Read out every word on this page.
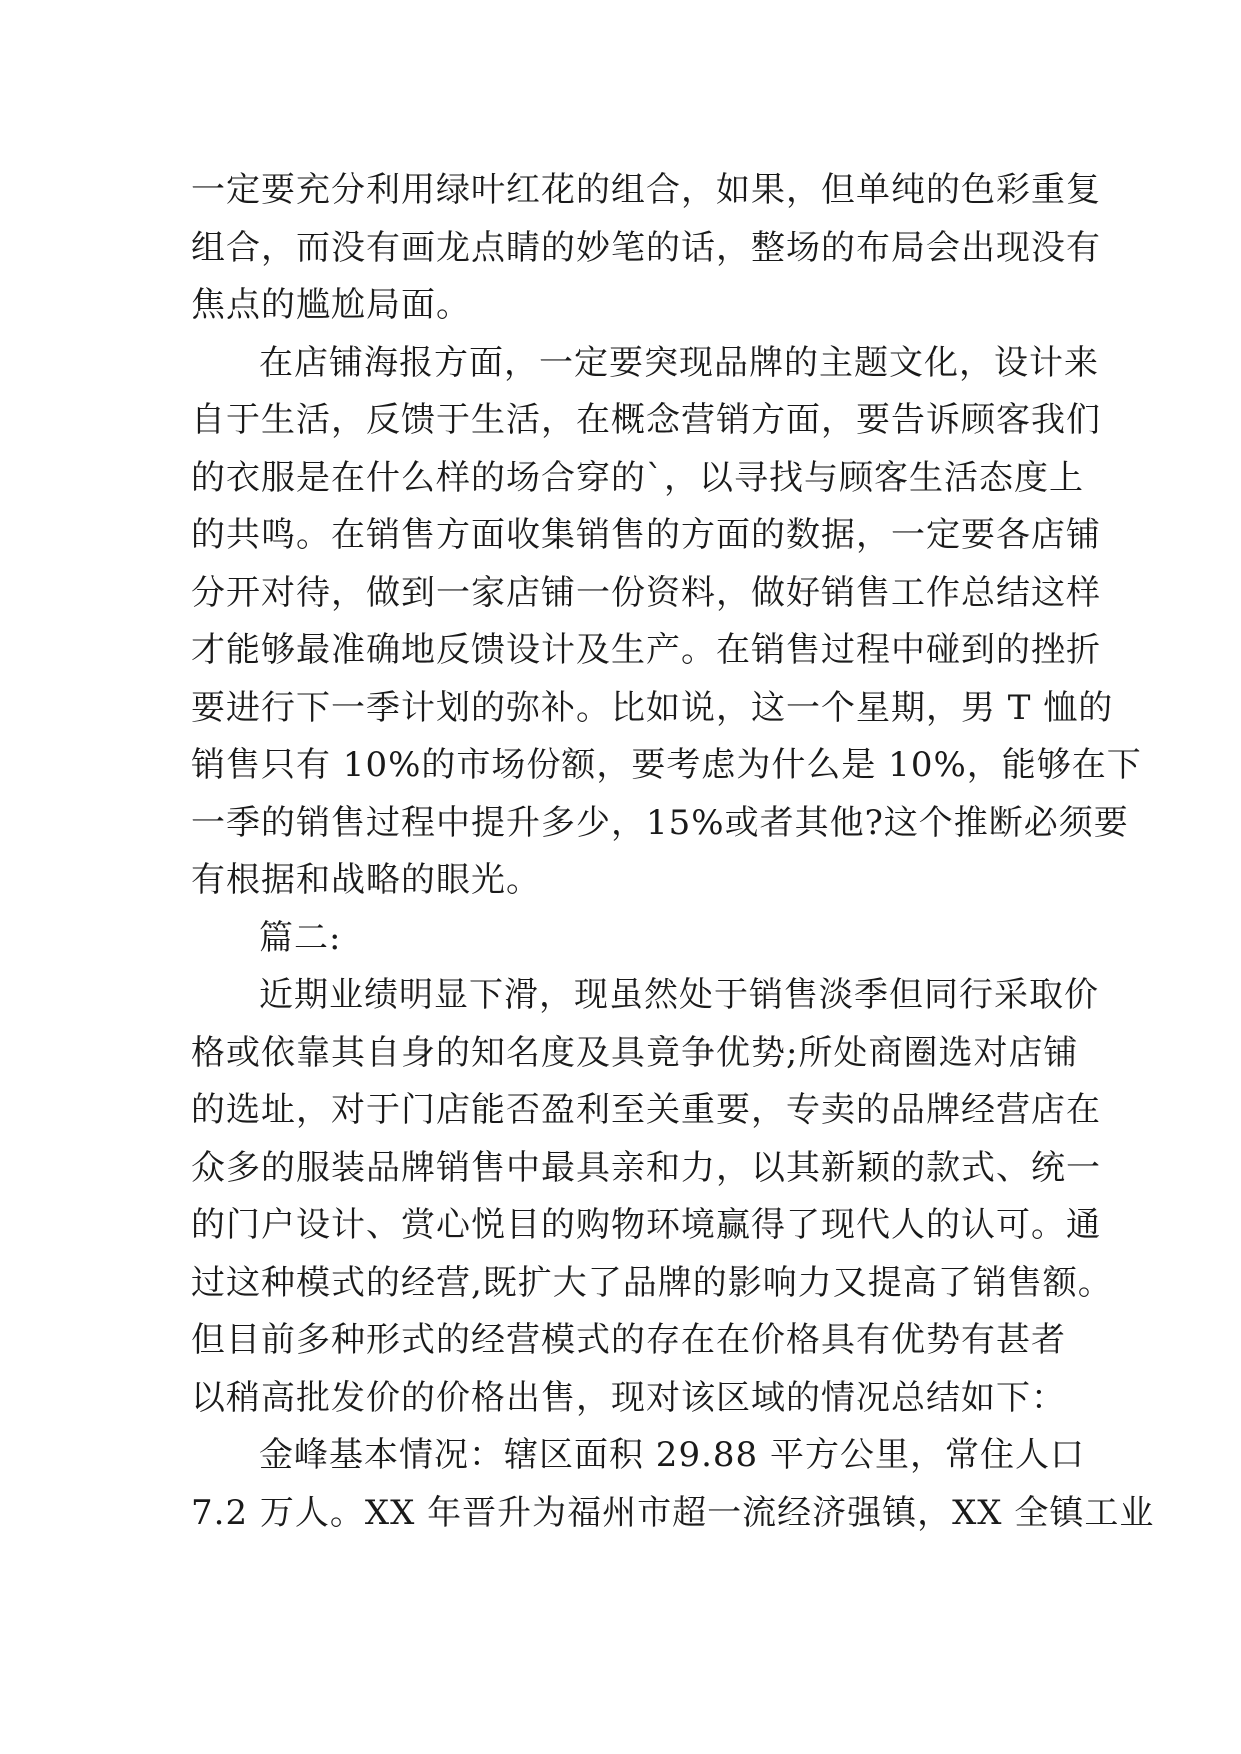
一定要充分利用绿叶红花的组合，如果，但单纯的色彩重复
组合，而没有画龙点睛的妙笔的话，整场的布局会出现没有
焦点的尴尬局面。
在店铺海报方面，一定要突现品牌的主题文化，设计来
自于生活，反馈于生活，在概念营销方面，要告诉顾客我们
的衣服是在什么样的场合穿的`，以寻找与顾客生活态度上
的共鸣。在销售方面收集销售的方面的数据，一定要各店铺
分开对待，做到一家店铺一份资料，做好销售工作总结这样
才能够最准确地反馈设计及生产。在销售过程中碰到的挫折
要进行下一季计划的弥补。比如说，这一个星期，男 T 恤的
销售只有 10%的市场份额，要考虑为什么是 10%，能够在下
一季的销售过程中提升多少，15%或者其他?这个推断必须要
有根据和战略的眼光。
篇二:
近期业绩明显下滑，现虽然处于销售淡季但同行采取价
格或依靠其自身的知名度及具竟争优势;所处商圈选对店铺
的选址，对于门店能否盈利至关重要，专卖的品牌经营店在
众多的服装品牌销售中最具亲和力，以其新颖的款式、统一
的门户设计、赏心悦目的购物环境赢得了现代人的认可。通
过这种模式的经营,既扩大了品牌的影响力又提高了销售额。
但目前多种形式的经营模式的存在在价格具有优势有甚者
以稍高批发价的价格出售，现对该区域的情况总结如下：
金峰基本情况：辖区面积 29.88 平方公里，常住人口
7.2 万人。XX 年晋升为福州市超一流经济强镇，XX 全镇工业
